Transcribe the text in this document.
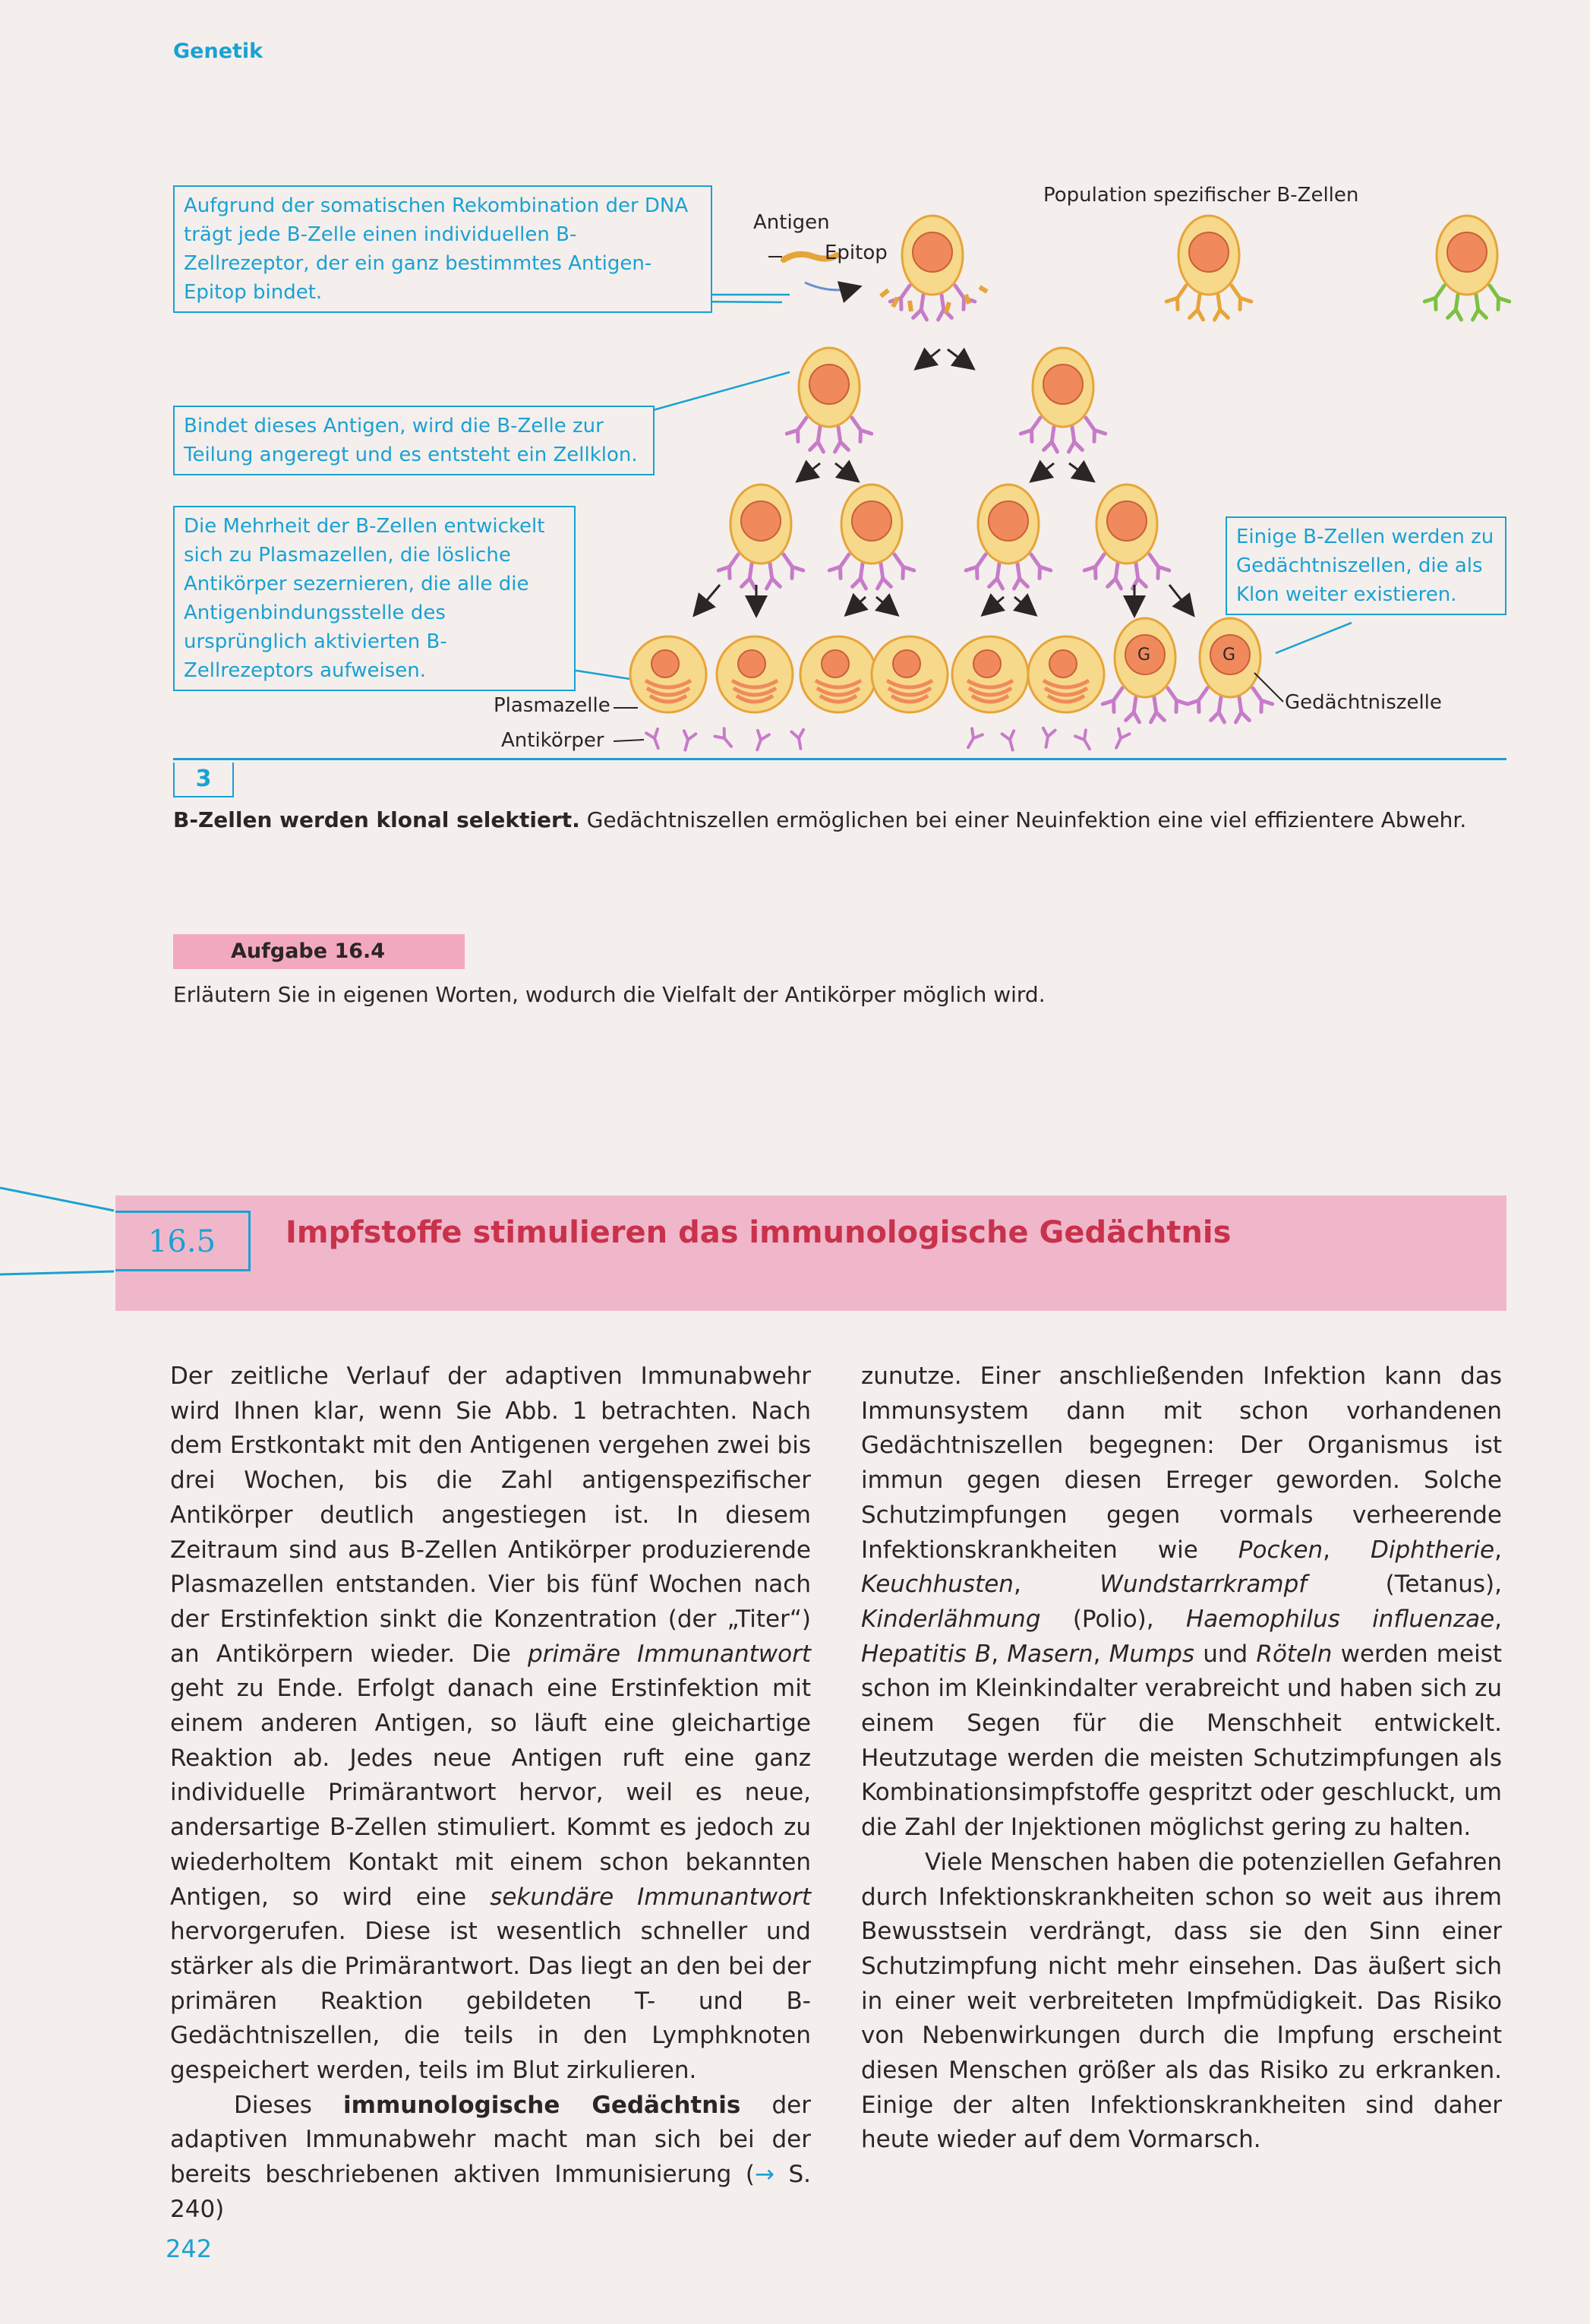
Genetik
G	G
Aufgrund der somatischen Rekombination der DNA trägt jede B-Zelle einen individuellen B-Zellrezeptor, der ein ganz bestimmtes Antigen-Epitop bindet.
Bindet dieses Antigen, wird die B-Zelle zur Teilung angeregt und es entsteht ein Zellklon.
Die Mehrheit der B-Zellen entwickelt sich zu Plasmazellen, die lösliche Antikörper sezernieren, die alle die Antigenbindungsstelle des ursprünglich aktivierten B-Zellrezeptors aufweisen.
Einige B-Zellen werden zu Gedächtniszellen, die als Klon weiter existieren.
Antigen
Epitop
Population spezifischer B-Zellen
Plasmazelle
Antikörper
Gedächtniszelle
3
B-Zellen werden klonal selektiert. Gedächtniszellen ermöglichen bei einer Neuinfektion eine viel effizientere Abwehr.
Aufgabe 16.4
Erläutern Sie in eigenen Worten, wodurch die Vielfalt der Antikörper möglich wird.
16.5	Impfstoffe stimulieren das immunologische Gedächtnis

Der zeitliche Verlauf der adaptiven Immunabwehr wird Ihnen klar, wenn Sie Abb. 1 betrachten. Nach dem Erstkontakt mit den Antigenen vergehen zwei bis drei Wochen, bis die Zahl antigenspezifischer Antikörper deutlich angestiegen ist. In diesem Zeitraum sind aus B-Zellen Antikörper produzierende Plasmazellen entstanden. Vier bis fünf Wochen nach der Erstinfektion sinkt die Konzentration (der „Titer“) an Antikörpern wieder. Die primäre Immunantwort geht zu Ende. Erfolgt danach eine Erstinfektion mit einem anderen Antigen, so läuft eine gleichartige Reaktion ab. Jedes neue Antigen ruft eine ganz individuelle Primärantwort hervor, weil es neue, andersartige B-Zellen stimuliert. Kommt es jedoch zu wiederholtem Kontakt mit einem schon bekannten Antigen, so wird eine sekundäre Immunantwort hervorgerufen. Diese ist wesentlich schneller und stärker als die Primärantwort. Das liegt an den bei der primären Reaktion gebildeten T- und B-Gedächtniszellen, die teils in den Lymphknoten gespeichert werden, teils im Blut zirkulieren.

Dieses immunologische Gedächtnis der adaptiven Immunabwehr macht man sich bei der bereits beschriebenen aktiven Immunisierung (→ S. 240)

zunutze. Einer anschließenden Infektion kann das Immunsystem dann mit schon vorhandenen Gedächtniszellen begegnen: Der Organismus ist immun gegen diesen Erreger geworden. Solche Schutzimpfungen gegen vormals verheerende Infektionskrankheiten wie Pocken, Diphtherie, Keuchhusten, Wundstarrkrampf (Tetanus), Kinderlähmung (Polio), Haemophilus influenzae, Hepatitis B, Masern, Mumps und Röteln werden meist schon im Kleinkindalter verabreicht und haben sich zu einem Segen für die Menschheit entwickelt. Heutzutage werden die meisten Schutzimpfungen als Kombinationsimpfstoffe gespritzt oder geschluckt, um die Zahl der Injektionen möglichst gering zu halten.

Viele Menschen haben die potenziellen Gefahren durch Infektionskrankheiten schon so weit aus ihrem Bewusstsein verdrängt, dass sie den Sinn einer Schutzimpfung nicht mehr einsehen. Das äußert sich in einer weit verbreiteten Impfmüdigkeit. Das Risiko von Nebenwirkungen durch die Impfung erscheint diesen Menschen größer als das Risiko zu erkranken. Einige der alten Infektionskrankheiten sind daher heute wieder auf dem Vormarsch.

242
